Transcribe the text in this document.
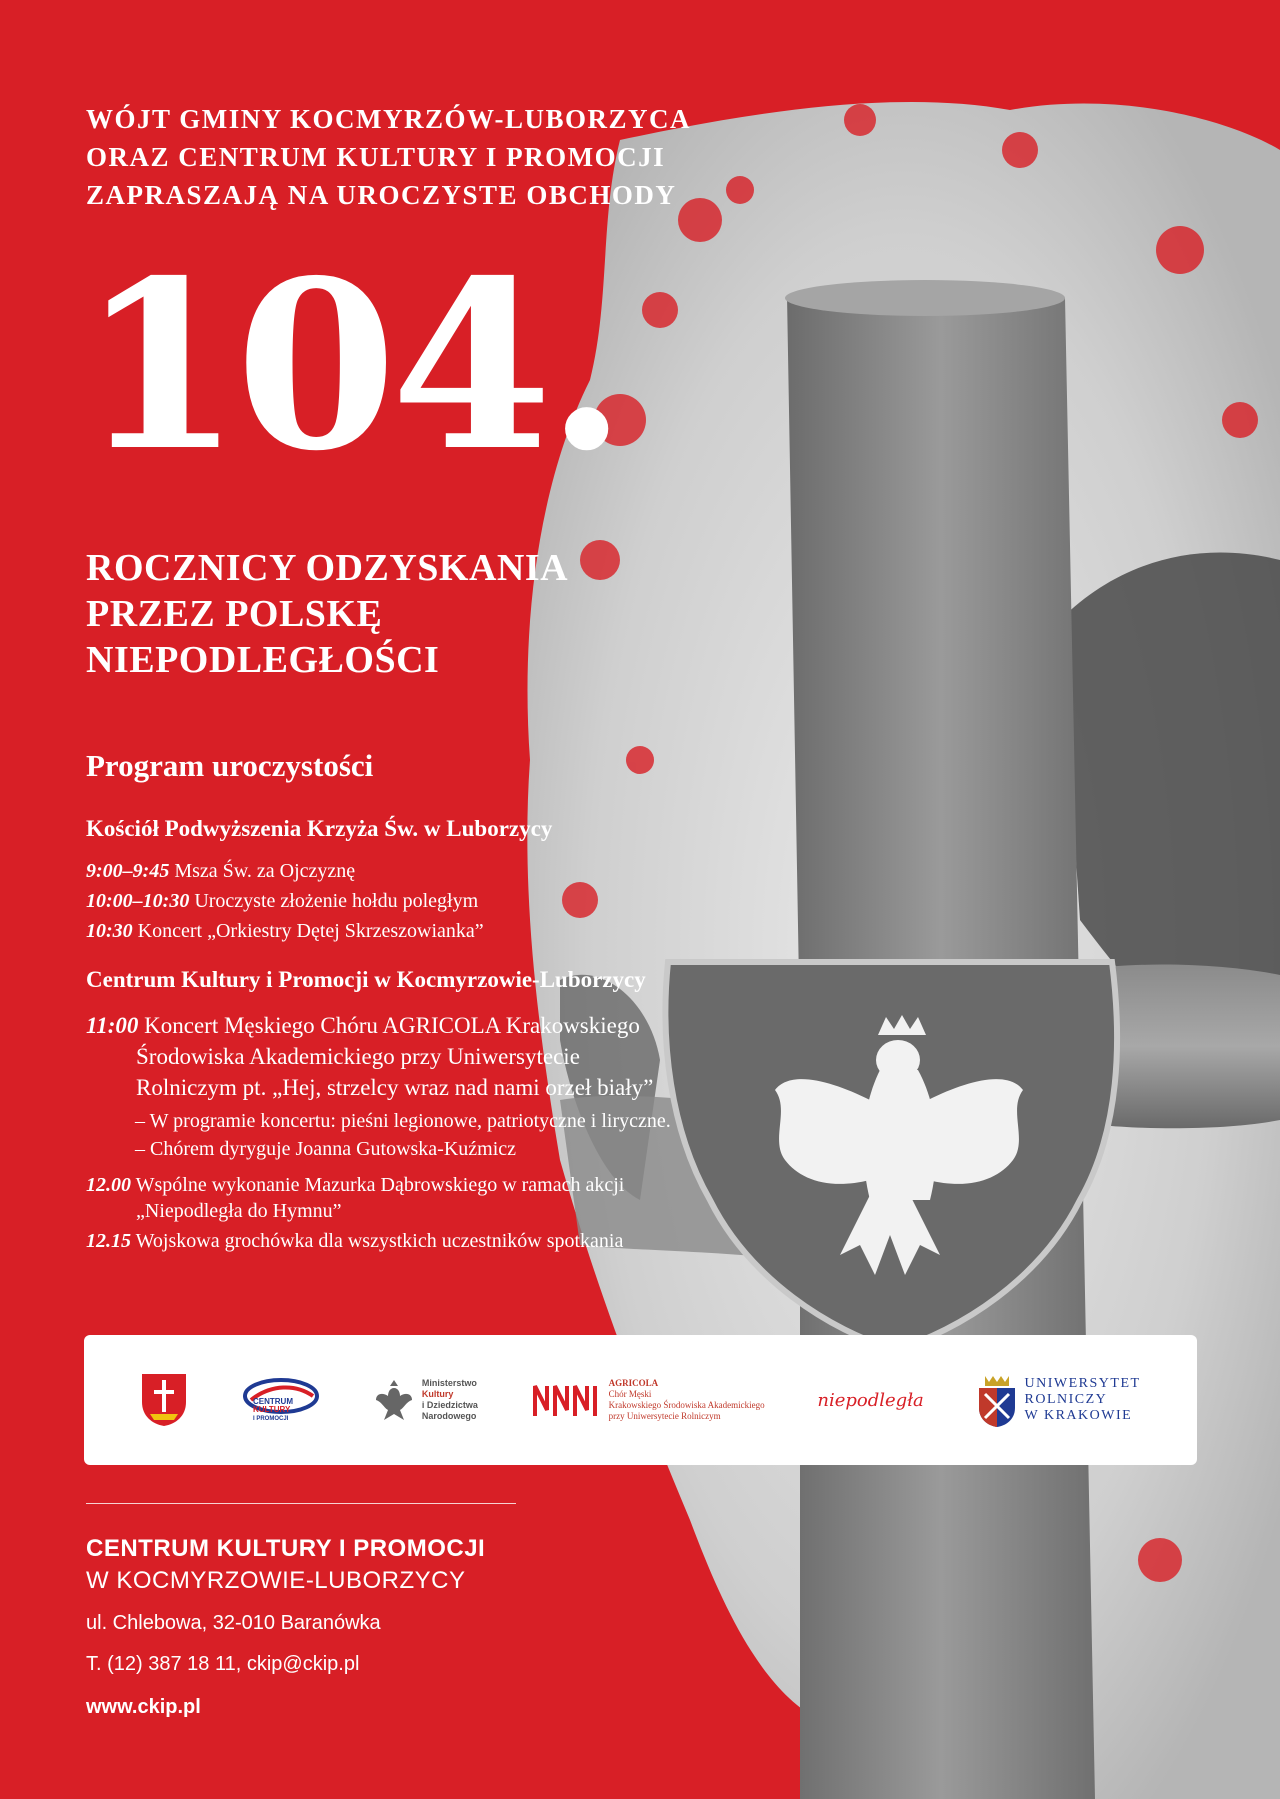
WÓJT GMINY KOCMYRZÓW-LUBORZYCA
ORAZ CENTRUM KULTURY I PROMOCJI
ZAPRASZAJĄ NA UROCZYSTE OBCHODY

104.
ROCZNICY ODZYSKANIA
PRZEZ POLSKĘ
NIEPODLEGŁOŚCI
Program uroczystości

Kościół Podwyższenia Krzyża Św. w Luborzycy

9:00–9:45 Msza Św. za Ojczyznę

10:00–10:30 Uroczyste złożenie hołdu poległym

10:30 Koncert „Orkiestry Dętej Skrzeszowianka”

Centrum Kultury i Promocji w Kocmyrzowie-Luborzycy

11:00 Koncert Męskiego Chóru AGRICOLA Krakowskiego
Środowiska Akademickiego przy Uniwersytecie
Rolniczym pt. „Hej, strzelcy wraz nad nami orzeł biały”

– W programie koncertu: pieśni legionowe, patriotyczne i liryczne.

– Chórem dyryguje Joanna Gutowska-Kuźmicz

12.00 Wspólne wykonanie Mazurka Dąbrowskiego w ramach akcji
„Niepodległa do Hymnu”

12.15 Wojskowa grochówka dla wszystkich uczestników spotkania

CENTRUM
KULTURY
I PROMOCJI
Ministerstwo
Kultury
i Dziedzictwa
Narodowego
AGRICOLA
Chór Męski
Krakowskiego Środowiska Akademickiego
przy Uniwersytecie Rolniczym
niepodległa
UNIWERSYTET
ROLNICZY
W KRAKOWIE

CENTRUM KULTURY I PROMOCJI

W KOCMYRZOWIE-LUBORZYCY

ul. Chlebowa, 32-010 Baranówka

T. (12) 387 18 11, ckip@ckip.pl

www.ckip.pl
